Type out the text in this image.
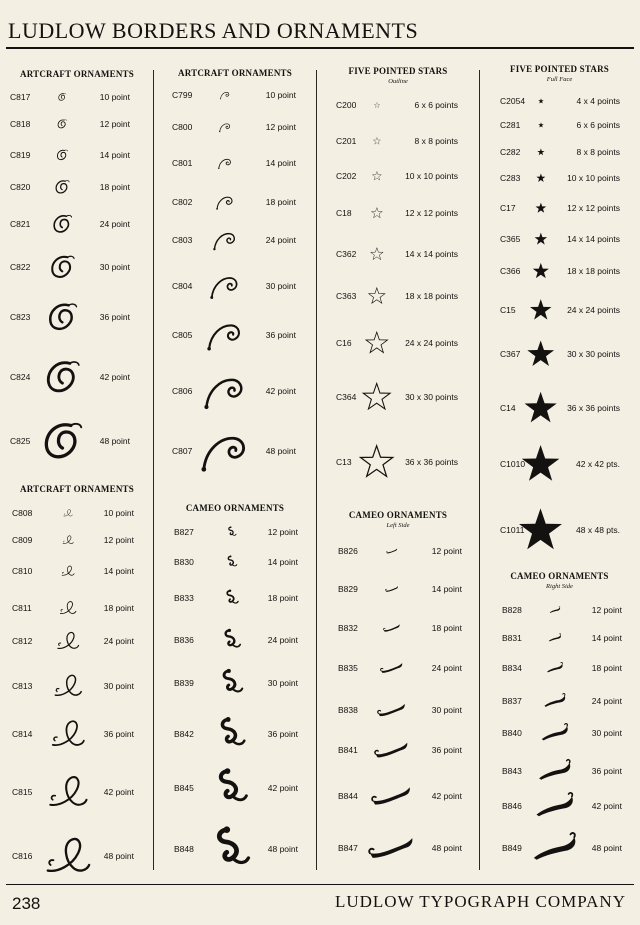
LUDLOW BORDERS AND ORNAMENTS
ARTCRAFT ORNAMENTS
C817	10 point
C818	12 point
C819	14 point
C820	18 point
C821	24 point
C822	30 point
C823	36 point
C824	42 point
C825	48 point
ARTCRAFT ORNAMENTS
C808	10 point
C809	12 point
C810	14 point
C811	18 point
C812	24 point
C813	30 point
C814	36 point
C815	42 point
C816	48 point
ARTCRAFT ORNAMENTS
C799	10 point
C800	12 point
C801	14 point
C802	18 point
C803	24 point
C804	30 point
C805	36 point
C806	42 point
C807	48 point
CAMEO ORNAMENTS
B827	12 point
B830	14 point
B833	18 point
B836	24 point
B839	30 point
B842	36 point
B845	42 point
B848	48 point
FIVE POINTED STARS
Outline
C200	6 x 6 points
C201	8 x 8 points
C202	10 x 10 points
C18	12 x 12 points
C362	14 x 14 points
C363	18 x 18 points
C16	24 x 24 points
C364	30 x 30 points
C13	36 x 36 points
CAMEO ORNAMENTS
Left Side
B826	12 point
B829	14 point
B832	18 point
B835	24 point
B838	30 point
B841	36 point
B844	42 point
B847	48 point
FIVE POINTED STARS
Full Face
C2054	4 x 4 points
C281	6 x 6 points
C282	8 x 8 points
C283	10 x 10 points
C17	12 x 12 points
C365	14 x 14 points
C366	18 x 18 points
C15	24 x 24 points
C367	30 x 30 points
C14	36 x 36 points
C1010	42 x 42 pts.
C1011	48 x 48 pts.
CAMEO ORNAMENTS
Right Side
B828	12 point
B831	14 point
B834	18 point
B837	24 point
B840	30 point
B843	36 point
B846	42 point
B849	48 point
238	LUDLOW TYPOGRAPH COMPANY
